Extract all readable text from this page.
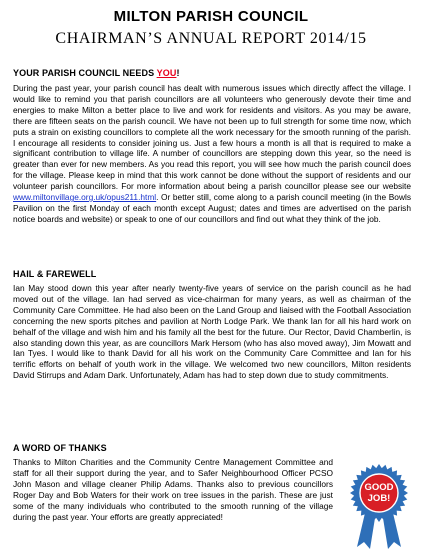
MILTON PARISH COUNCIL
CHAIRMAN’S ANNUAL REPORT 2014/15
YOUR PARISH COUNCIL NEEDS YOU!
During the past year, your parish council has dealt with numerous issues which directly affect the village. I would like to remind you that parish councillors are all volunteers who generously devote their time and energies to make Milton a better place to live and work for residents and visitors. As you may be aware, there are fifteen seats on the parish council. We have not been up to full strength for some time now, which puts a strain on existing councillors to complete all the work necessary for the smooth running of the parish. I encourage all residents to consider joining us. Just a few hours a month is all that is required to make a significant contribution to village life. A number of councillors are stepping down this year, so the need is greater than ever for new members. As you read this report, you will see how much the parish council does for the village. Please keep in mind that this work cannot be done without the support of residents and our volunteer parish councillors. For more information about being a parish councillor please see our website www.miltonvillage.org.uk/opus211.html. Or better still, come along to a parish council meeting (in the Bowls Pavilion on the first Monday of each month except August; dates and times are advertised on the parish notice boards and website) or speak to one of our councillors and find out what they think of the job.
HAIL & FAREWELL
Ian May stood down this year after nearly twenty-five years of service on the parish council as he had moved out of the village. Ian had served as vice-chairman for many years, as well as chairman of the Community Care Committee. He had also been on the Land Group and liaised with the Football Association concerning the new sports pitches and pavilion at North Lodge Park. We thank Ian for all his hard work on behalf of the village and wish him and his family all the best for the future. Our Rector, David Chamberlin, is also standing down this year, as are councillors Mark Hersom (who has also moved away), Jim Mowatt and Ian Tyes. I would like to thank David for all his work on the Community Care Committee and Ian for his terrific efforts on behalf of youth work in the village. We welcomed two new councillors, Milton residents David Stirrups and Adam Dark. Unfortunately, Adam has had to step down due to study commitments.
A WORD OF THANKS
Thanks to Milton Charities and the Community Centre Management Committee and staff for all their support during the year, and to Safer Neighbourhood Officer PCSO John Mason and village cleaner Philip Adams. Thanks also to previous councillors Roger Day and Bob Waters for their work on tree issues in the parish. These are just some of the many individuals who contributed to the smooth running of the village during the past year. Your efforts are greatly appreciated!
GOOD
JOB!
